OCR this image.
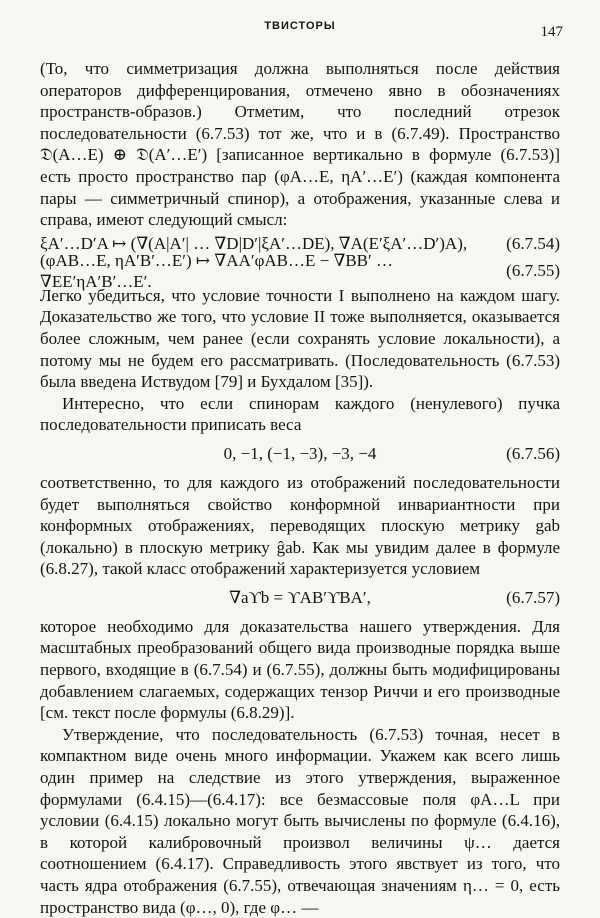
ТВИСТОРЫ	147

(То, что симметризация должна выполняться после действия операторов дифференцирования, отмечено явно в обозначениях пространств-образов.) Отметим, что последний отрезок последовательности (6.7.53) тот же, что и в (6.7.49). Пространство 𝔇(A…E) ⊕ 𝔇(A′…E′) [записанное вертикально в формуле (6.7.53)] есть просто пространство пар (φA…E, ηA′…E′) (каждая компонента пары — симметричный спинор), а отображения, указанные слева и справа, имеют следующий смысл:

ξA′…D′A ↦ (∇(A|A′| … ∇D|D′|ξA′…DE), ∇A(E′ξA′…D′)A),	(6.7.54)
(φAB…E, ηA′B′…E′) ↦ ∇AA′φAB…E − ∇BB′ … ∇EE′ηA′B′…E′.
(6.7.55)

Легко убедиться, что условие точности I выполнено на каждом шагу. Доказательство же того, что условие II тоже выполняется, оказывается более сложным, чем ранее (если сохранять условие локальности), а потому мы не будем его рассматривать. (Последовательность (6.7.53) была введена Иствудом [79] и Бухдалом [35]).

Интересно, что если спинорам каждого (ненулевого) пучка последовательности приписать веса

0, −1, (−1, −3), −3, −4	(6.7.56)

соответственно, то для каждого из отображений последовательности будет выполняться свойство конформной инвариантности при конформных отображениях, переводящих плоскую метрику gab (локально) в плоскую метрику ĝab. Как мы увидим далее в формуле (6.8.27), такой класс отображений характеризуется условием

∇aϒb = ϒAB′ϒBA′,	(6.7.57)

которое необходимо для доказательства нашего утверждения. Для масштабных преобразований общего вида производные порядка выше первого, входящие в (6.7.54) и (6.7.55), должны быть модифицированы добавлением слагаемых, содержащих тензор Риччи и его производные [см. текст после формулы (6.8.29)].

Утверждение, что последовательность (6.7.53) точная, несет в компактном виде очень много информации. Укажем как всего лишь один пример на следствие из этого утверждения, выраженное формулами (6.4.15)—(6.4.17): все безмассовые поля φA…L при условии (6.4.15) локально могут быть вычислены по формуле (6.4.16), в которой калибровочный произвол величины ψ… дается соотношением (6.4.17). Справедливость этого явствует из того, что часть ядра отображения (6.7.55), отвечающая значениям η… = 0, есть пространство вида (φ…, 0), где φ… —
